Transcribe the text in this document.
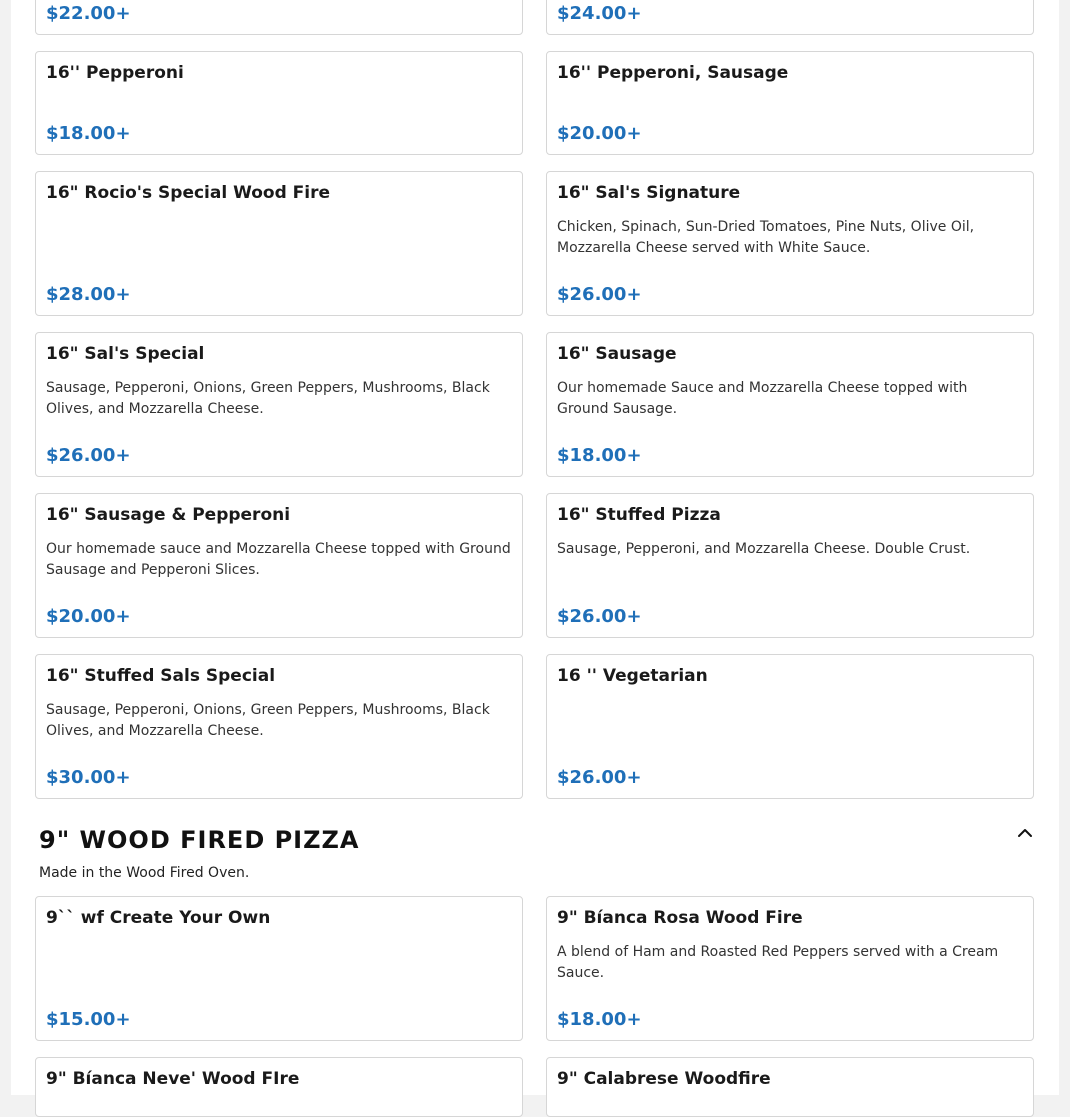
$22.00+	$24.00+
16'' Pepperoni
$18.00+
16'' Pepperoni, Sausage
$20.00+
16" Rocio's Special Wood Fire
$28.00+
16" Sal's Signature
Chicken, Spinach, Sun-Dried Tomatoes, Pine Nuts, Olive Oil, Mozzarella Cheese served with White Sauce.
$26.00+
16" Sal's Special
Sausage, Pepperoni, Onions, Green Peppers, Mushrooms, Black Olives, and Mozzarella Cheese.
$26.00+
16" Sausage
Our homemade Sauce and Mozzarella Cheese topped with Ground Sausage.
$18.00+
16" Sausage & Pepperoni
Our homemade sauce and Mozzarella Cheese topped with Ground Sausage and Pepperoni Slices.
$20.00+
16" Stuffed Pizza
Sausage, Pepperoni, and Mozzarella Cheese. Double Crust.
$26.00+
16" Stuffed Sals Special
Sausage, Pepperoni, Onions, Green Peppers, Mushrooms, Black Olives, and Mozzarella Cheese.
$30.00+
16 '' Vegetarian
$26.00+
9" WOOD FIRED PIZZA
Made in the Wood Fired Oven.
9`` wf Create Your Own
$15.00+
9" Bíanca Rosa Wood Fire
A blend of Ham and Roasted Red Peppers served with a Cream Sauce.
$18.00+
9" Bíanca Neve' Wood FIre	9" Calabrese Woodfire
